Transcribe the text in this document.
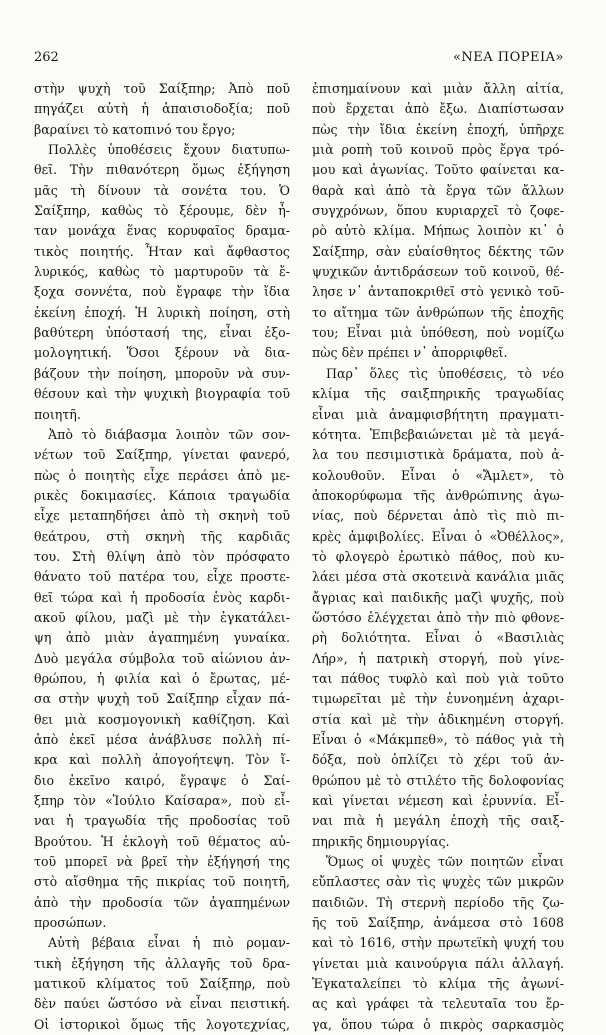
262	«ΝΕΑ ΠΟΡΕΙΑ»
στὴν ψυχὴ τοῦ Σαίξπηρ; Ἀπὸ ποῦ
πηγάζει αὐτὴ ἡ ἀπαισιοδοξία; ποῦ
βαραίνει τὸ κατοπινό του ἔργο;
Πολλὲς ὑποθέσεις ἔχουν διατυπω-
θεῖ. Τὴν πιθανότερη ὅμως ἐξήγηση
μᾶς τὴ δίνουν τὰ σονέτα του. Ὁ
Σαίξπηρ, καθὼς τὸ ξέρουμε, δὲν ἦ-
ταν μονάχα ἕνας κορυφαῖος δραμα-
τικὸς ποιητής. Ἦταν καὶ ἄφθαστος
λυρικός, καθὼς τὸ μαρτυροῦν τὰ ἔ-
ξοχα σοννέτα, ποὺ ἔγραφε τὴν ἴδια
ἐκείνη ἐποχή. Ἡ λυρικὴ ποίηση, στὴ
βαθύτερη ὑπόστασή της, εἶναι ἐξο-
μολογητική. Ὅσοι ξέρουν νὰ δια-
βάζουν τὴν ποίηση, μποροῦν νὰ συν-
θέσουν καὶ τὴν ψυχικὴ βιογραφία τοῦ
ποιητῆ.
Ἀπὸ τὸ διάβασμα λοιπὸν τῶν σον-
νέτων τοῦ Σαίξπηρ, γίνεται φανερό,
πὼς ὁ ποιητὴς εἶχε περάσει ἀπὸ με-
ρικὲς δοκιμασίες. Κάποια τραγωδία
εἶχε μεταπηδήσει ἀπὸ τὴ σκηνὴ τοῦ
θεάτρου, στὴ σκηνὴ τῆς καρδιᾶς
του. Στὴ θλίψη ἀπὸ τὸν πρόσφατο
θάνατο τοῦ πατέρα του, εἶχε προστε-
θεῖ τώρα καὶ ἡ προδοσία ἑνὸς καρδι-
ακοῦ φίλου, μαζὶ μὲ τὴν ἐγκατάλει-
ψη ἀπὸ μιὰν ἀγαπημένη γυναίκα.
Δυὸ μεγάλα σύμβολα τοῦ αἰώνιου ἀν-
θρώπου, ἡ φιλία καὶ ὁ ἔρωτας, μέ-
σα στὴν ψυχὴ τοῦ Σαίξπηρ εἶχαν πά-
θει μιὰ κοσμογονικὴ καθίζηση. Καὶ
ἀπὸ ἐκεῖ μέσα ἀνάβλυσε πολλὴ πί-
κρα καὶ πολλὴ ἀπογοήτεψη. Τὸν ἴ-
διο ἐκεῖνο καιρό, ἔγραψε ὁ Σαί-
ξπηρ τὸν «Ἰούλιο Καίσαρα», ποὺ εἶ-
ναι ἡ τραγωδία τῆς προδοσίας τοῦ
Βρούτου. Ἡ ἐκλογὴ τοῦ θέματος αὐ-
τοῦ μπορεῖ νὰ βρεῖ τὴν ἐξήγησή της
στὸ αἴσθημα τῆς πικρίας τοῦ ποιητῆ,
ἀπὸ τὴν προδοσία τῶν ἀγαπημένων
προσώπων.
Αὐτὴ βέβαια εἶναι ἡ πιὸ ρομαν-
τικὴ ἐξήγηση τῆς ἀλλαγῆς τοῦ δρα-
ματικοῦ κλίματος τοῦ Σαίξπηρ, ποὺ
δὲν παύει ὥστόσο νὰ εἶναι πειστική.
Οἱ ἱστορικοὶ ὅμως τῆς λογοτεχνίας,
ἐπισημαίνουν καὶ μιὰν ἄλλη αἰτία,
ποὺ ἔρχεται ἀπὸ ἔξω. Διαπίστωσαν
πὼς τὴν ἴδια ἐκείνη ἐποχή, ὑπῆρχε
μιὰ ροπὴ τοῦ κοινοῦ πρὸς ἔργα τρό-
μου καὶ ἀγωνίας. Τοῦτο φαίνεται κα-
θαρὰ καὶ ἀπὸ τὰ ἔργα τῶν ἄλλων
συγχρόνων, ὅπου κυριαρχεῖ τὸ ζοφε-
ρὸ αὐτὸ κλίμα. Μήπως λοιπὸν κι᾽ ὁ
Σαίξπηρ, σὰν εὐαίσθητος δέκτης τῶν
ψυχικῶν ἀντιδράσεων τοῦ κοινοῦ, θέ-
λησε ν᾽ ἀνταποκριθεῖ στὸ γενικὸ τοῦ-
το αἴτημα τῶν ἀνθρώπων τῆς ἐποχῆς
του; Εἶναι μιὰ ὑπόθεση, ποὺ νομίζω
πὼς δὲν πρέπει ν᾽ ἀπορριφθεῖ.
Παρ᾽ ὅλες τὶς ὑποθέσεις, τὸ νέο
κλίμα τῆς σαιξπηρικῆς τραγωδίας
εἶναι μιὰ ἀναμφισβήτητη πραγματι-
κότητα. Ἐπιβεβαιώνεται μὲ τὰ μεγά-
λα του πεσιμιστικὰ δράματα, ποὺ ἀ-
κολουθοῦν. Εἶναι ὁ «Ἄμλετ», τὸ
ἀποκορύφωμα τῆς ἀνθρώπινης ἀγω-
νίας, ποὺ δέρνεται ἀπὸ τὶς πιὸ πι-
κρὲς ἀμφιβολίες. Εἶναι ὁ «Ὀθέλλος»,
τὸ φλογερὸ ἐρωτικὸ πάθος, ποὺ κυ-
λάει μέσα στὰ σκοτεινὰ κανάλια μιᾶς
ἄγριας καὶ παιδικῆς μαζὶ ψυχῆς, ποὺ
ὥστόσο ἐλέγχεται ἀπὸ τὴν πιὸ φθονε-
ρὴ δολιότητα. Εἶναι ὁ «Βασιλιὰς
Λήρ», ἡ πατρικὴ στοργή, ποὺ γίνε-
ται πάθος τυφλὸ καὶ ποὺ γιὰ τοῦτο
τιμωρεῖται μὲ τὴν ἐυνοημένη ἀχαρι-
στία καὶ μὲ τὴν ἀδικημένη στοργή.
Εἶναι ὁ «Μάκμπεθ», τὸ πάθος γιὰ τὴ
δόξα, ποὺ ὁπλίζει τὸ χέρι τοῦ ἀν-
θρώπου μὲ τὸ στιλέτο τῆς δολοφονίας
καὶ γίνεται νέμεση καὶ ἐρυννία. Εἶ-
ναι πιὰ ἡ μεγάλη ἐποχὴ τῆς σαιξ-
πηρικῆς δημιουργίας.
Ὅμως οἱ ψυχὲς τῶν ποιητῶν εἶναι
εὔπλαστες σὰν τὶς ψυχὲς τῶν μικρῶν
παιδιῶν. Τὴ στερνὴ περίοδο τῆς ζω-
ῆς τοῦ Σαίξπηρ, ἀνάμεσα στὸ 1608
καὶ τὸ 1616, στὴν πρωτεϊκὴ ψυχή του
γίνεται μιὰ καινούργια πάλι ἀλλαγή.
Ἐγκαταλείπει τὸ κλίμα τῆς ἀγωνί-
ας καὶ γράφει τὰ τελευταῖα του ἔρ-
γα, ὅπου τώρα ὁ πικρὸς σαρκασμὸς
